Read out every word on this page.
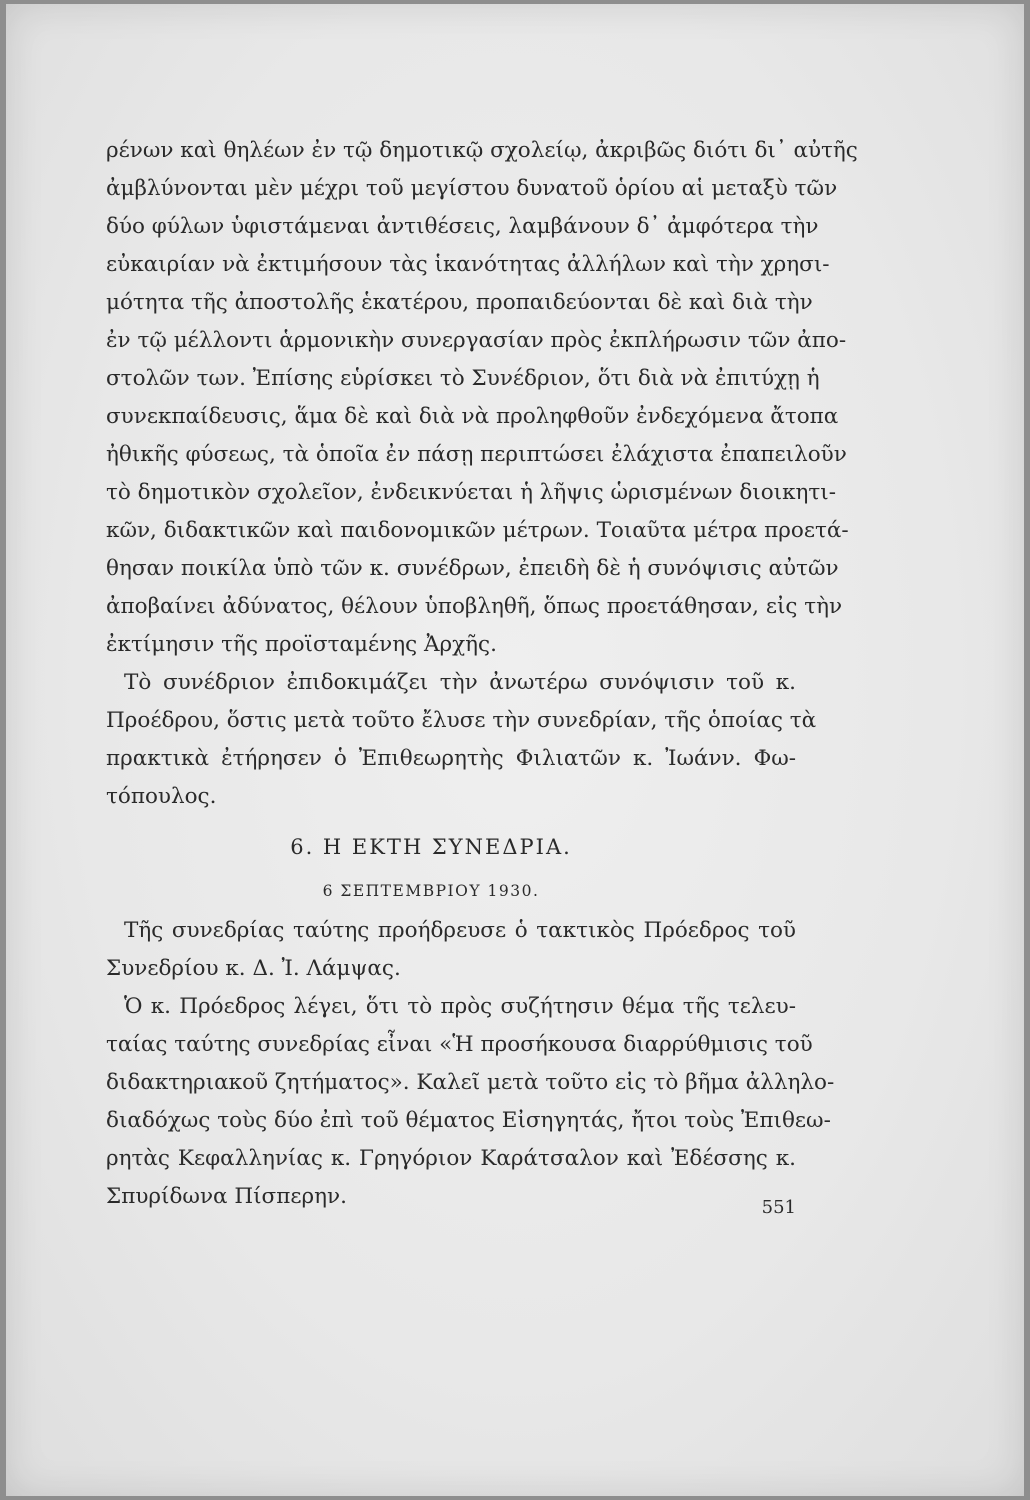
ρένων καὶ θηλέων ἐν τῷ δημοτικῷ σχολείῳ, ἀκριβῶς διότι δι᾽ αὐτῆς
ἀμβλύνονται μὲν μέχρι τοῦ μεγίστου δυνατοῦ ὁρίου αἱ μεταξὺ τῶν
δύο φύλων ὑφιστάμεναι ἀντιθέσεις, λαμβάνουν δ᾽ ἀμφότερα τὴν
εὐκαιρίαν νὰ ἐκτιμήσουν τὰς ἱκανότητας ἀλλήλων καὶ τὴν χρησι-
μότητα τῆς ἀποστολῆς ἑκατέρου, προπαιδεύονται δὲ καὶ διὰ τὴν
ἐν τῷ μέλλοντι ἁρμονικὴν συνεργασίαν πρὸς ἐκπλήρωσιν τῶν ἀπο-
στολῶν των. Ἐπίσης εὑρίσκει τὸ Συνέδριον, ὅτι διὰ νὰ ἐπιτύχῃ ἡ
συνεκπαίδευσις, ἅμα δὲ καὶ διὰ νὰ προληφθοῦν ἐνδεχόμενα ἄτοπα
ἠθικῆς φύσεως, τὰ ὁποῖα ἐν πάσῃ περιπτώσει ἐλάχιστα ἐπαπειλοῦν
τὸ δημοτικὸν σχολεῖον, ἐνδεικνύεται ἡ λῆψις ὡρισμένων διοικητι-
κῶν, διδακτικῶν καὶ παιδονομικῶν μέτρων. Τοιαῦτα μέτρα προετά-
θησαν ποικίλα ὑπὸ τῶν κ. συνέδρων, ἐπειδὴ δὲ ἡ συνόψισις αὐτῶν
ἀποβαίνει ἀδύνατος, θέλουν ὑποβληθῆ, ὅπως προετάθησαν, εἰς τὴν
ἐκτίμησιν τῆς προϊσταμένης Ἀρχῆς.
Τὸ συνέδριον ἐπιδοκιμάζει τὴν ἀνωτέρω συνόψισιν τοῦ κ.
Προέδρου, ὅστις μετὰ τοῦτο ἔλυσε τὴν συνεδρίαν, τῆς ὁποίας τὰ
πρακτικὰ ἐτήρησεν ὁ Ἐπιθεωρητὴς Φιλιατῶν κ. Ἰωάνν. Φω-
τόπουλος.
6. Η ΕΚΤΗ ΣΥΝΕΔΡΙΑ.
6 ΣΕΠΤΕΜΒΡΙΟΥ 1930.
Τῆς συνεδρίας ταύτης προήδρευσε ὁ τακτικὸς Πρόεδρος τοῦ
Συνεδρίου κ. Δ. Ἰ. Λάμψας.
Ὁ κ. Πρόεδρος λέγει, ὅτι τὸ πρὸς συζήτησιν θέμα τῆς τελευ-
ταίας ταύτης συνεδρίας εἶναι «Ἡ προσήκουσα διαρρύθμισις τοῦ
διδακτηριακοῦ ζητήματος». Καλεῖ μετὰ τοῦτο εἰς τὸ βῆμα ἀλληλο-
διαδόχως τοὺς δύο ἐπὶ τοῦ θέματος Εἰσηγητάς, ἤτοι τοὺς Ἐπιθεω-
ρητὰς Κεφαλληνίας κ. Γρηγόριον Καράτσαλον καὶ Ἐδέσσης κ.
Σπυρίδωνα Πίσπερην.	551
